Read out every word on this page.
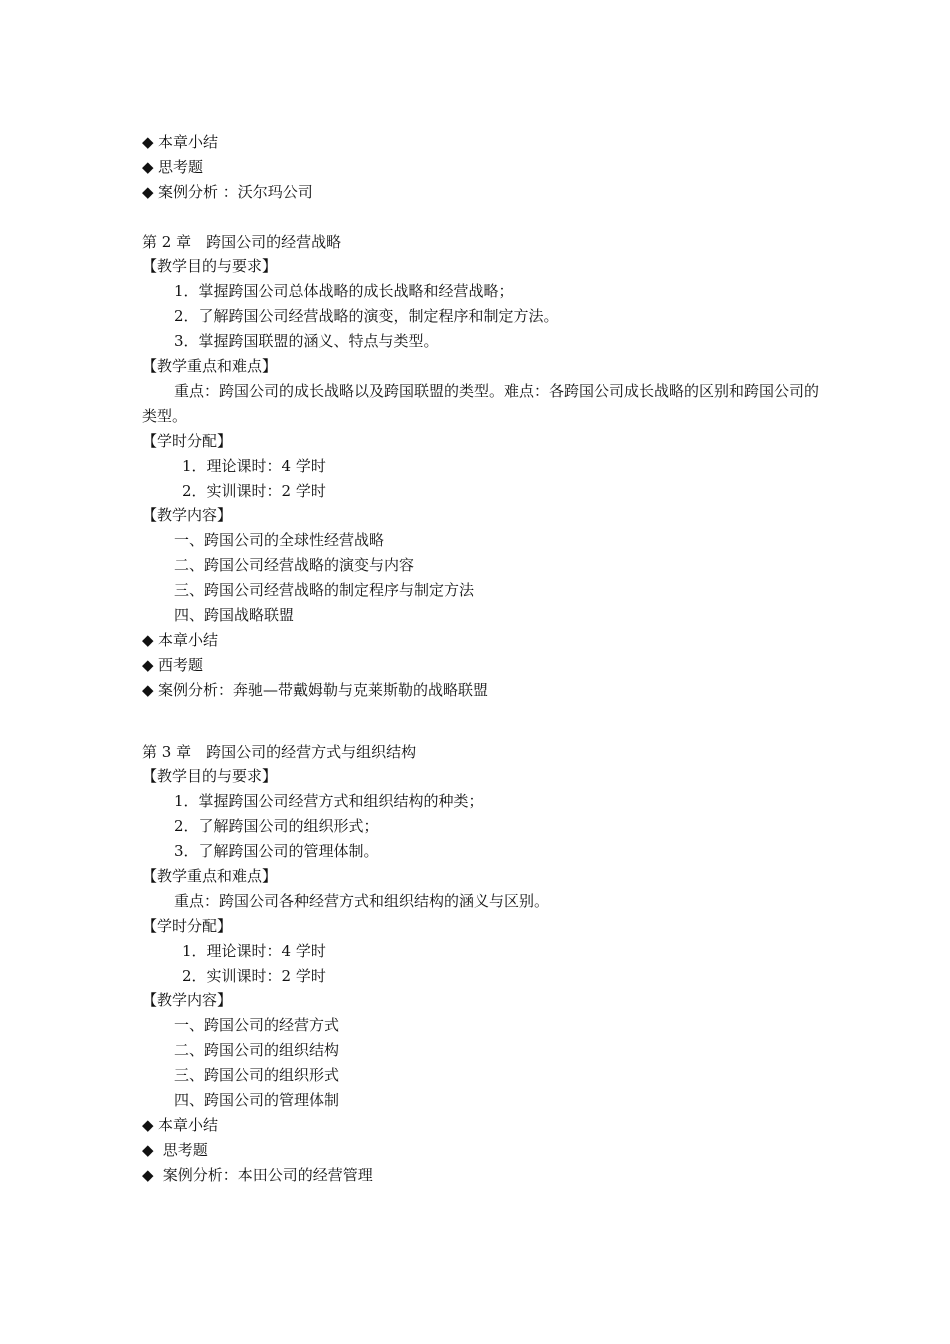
◆ 本章小结
◆ 思考题
◆ 案例分析 ：沃尔玛公司
第 2 章　跨国公司的经营战略
【教学目的与要求】
1．掌握跨国公司总体战略的成长战略和经营战略；
2．了解跨国公司经营战略的演变，制定程序和制定方法。
3．掌握跨国联盟的涵义、特点与类型。
【教学重点和难点】
重点：跨国公司的成长战略以及跨国联盟的类型。难点：各跨国公司成长战略的区别和跨国公司的类型。
【学时分配】
1．理论课时：4 学时
2．实训课时：2 学时
【教学内容】
一、跨国公司的全球性经营战略
二、跨国公司经营战略的演变与内容
三、跨国公司经营战略的制定程序与制定方法
四、跨国战略联盟
◆ 本章小结
◆ 西考题
◆ 案例分析：奔驰—带戴姆勒与克莱斯勒的战略联盟
第 3 章　跨国公司的经营方式与组织结构
【教学目的与要求】
1．掌握跨国公司经营方式和组织结构的种类；
2．了解跨国公司的组织形式；
3．了解跨国公司的管理体制。
【教学重点和难点】
重点：跨国公司各种经营方式和组织结构的涵义与区别。
【学时分配】
1．理论课时：4 学时
2．实训课时：2 学时
【教学内容】
一、跨国公司的经营方式
二、跨国公司的组织结构
三、跨国公司的组织形式
四、跨国公司的管理体制
◆ 本章小结
◆ 思考题
◆ 案例分析：本田公司的经营管理
